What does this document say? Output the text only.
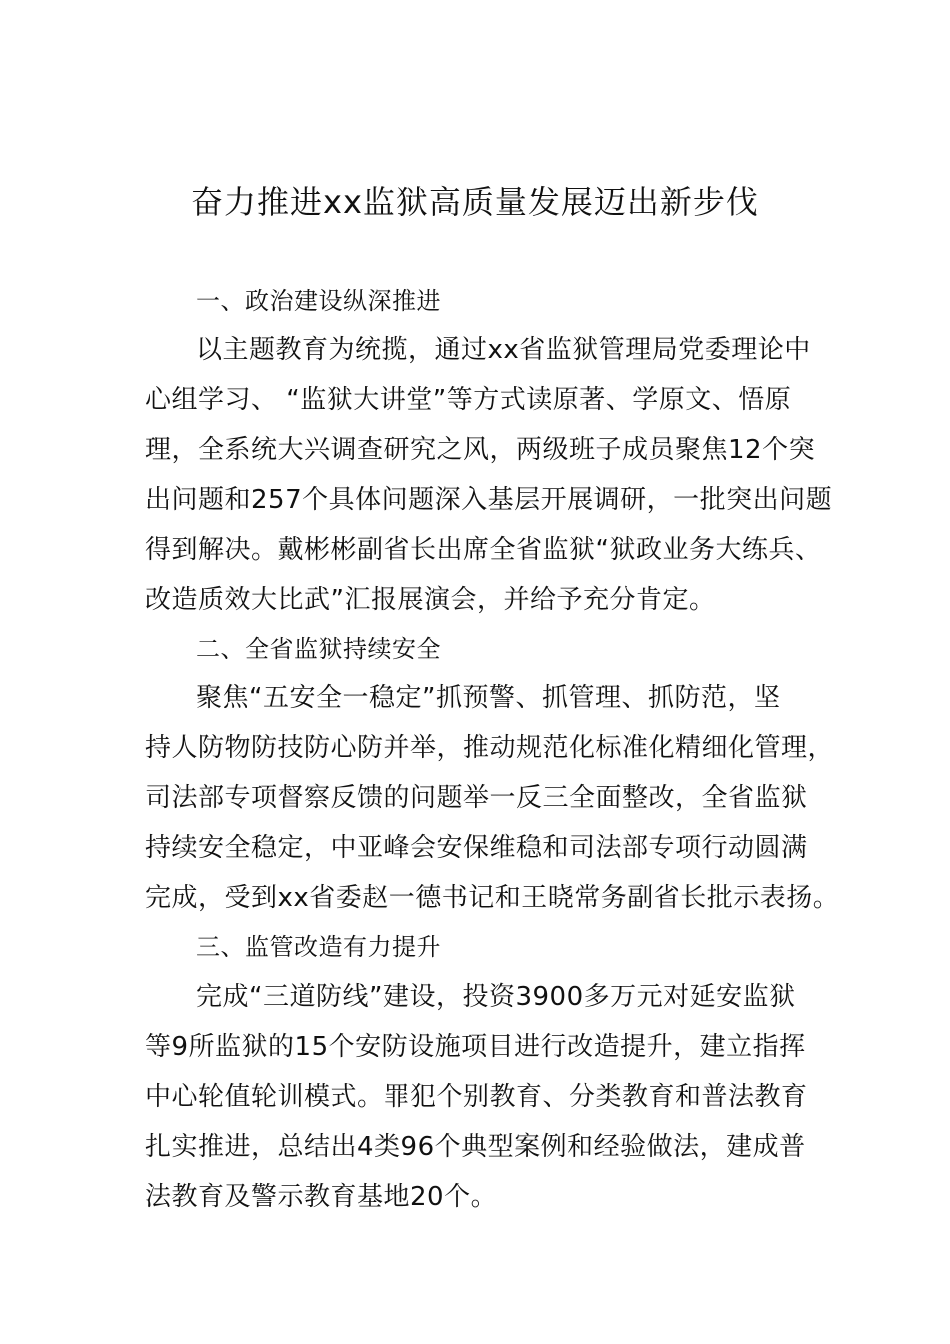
奋力推进xx监狱高质量发展迈出新步伐
一、政治建设纵深推进
以主题教育为统揽，通过xx省监狱管理局党委理论中
心组学习、 “监狱大讲堂”等方式读原著、学原文、悟原
理，全系统大兴调查研究之风，两级班子成员聚焦12个突
出问题和257个具体问题深入基层开展调研，一批突出问题
得到解决。戴彬彬副省长出席全省监狱“狱政业务大练兵、
改造质效大比武”汇报展演会，并给予充分肯定。
二、全省监狱持续安全
聚焦“五安全一稳定”抓预警、抓管理、抓防范，坚
持人防物防技防心防并举，推动规范化标准化精细化管理，
司法部专项督察反馈的问题举一反三全面整改，全省监狱
持续安全稳定，中亚峰会安保维稳和司法部专项行动圆满
完成，受到xx省委赵一德书记和王晓常务副省长批示表扬。
三、监管改造有力提升
完成“三道防线”建设，投资3900多万元对延安监狱
等9所监狱的15个安防设施项目进行改造提升，建立指挥
中心轮值轮训模式。罪犯个别教育、分类教育和普法教育
扎实推进，总结出4类96个典型案例和经验做法，建成普
法教育及警示教育基地20个。
